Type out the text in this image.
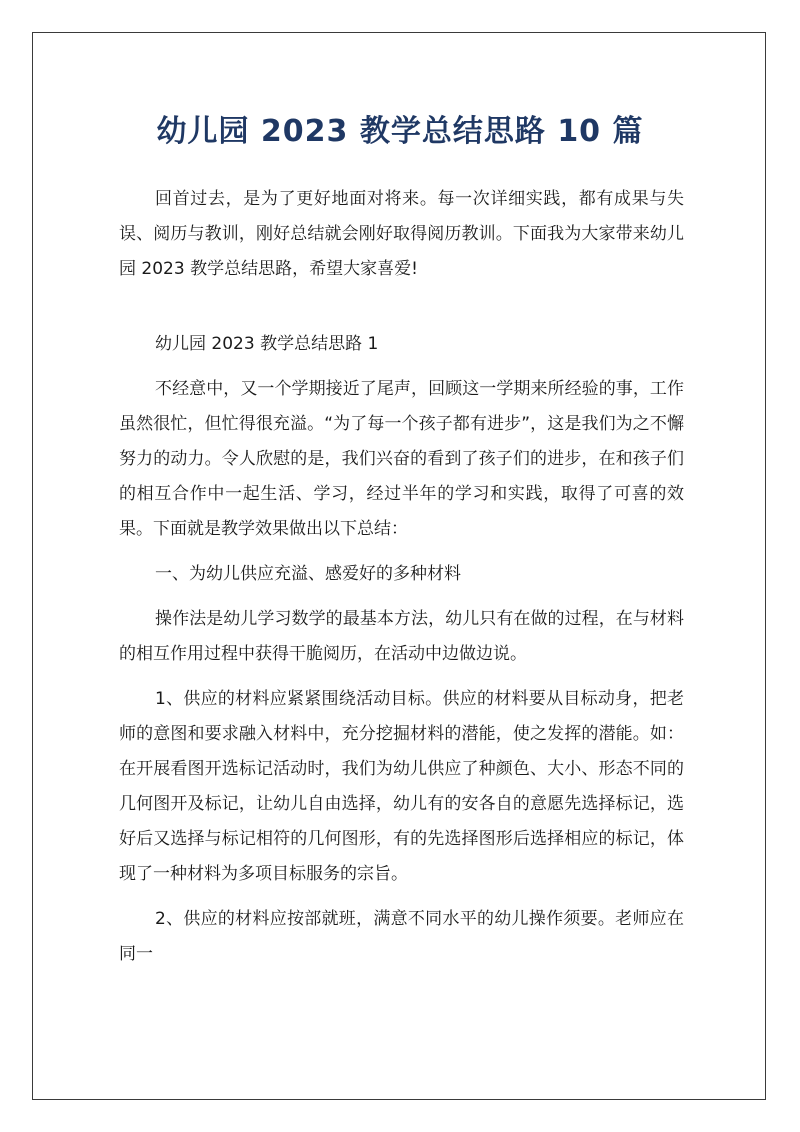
幼儿园 2023 教学总结思路 10 篇

回首过去，是为了更好地面对将来。每一次详细实践，都有成果与失误、阅历与教训，刚好总结就会刚好取得阅历教训。下面我为大家带来幼儿园 2023 教学总结思路，希望大家喜爱!

幼儿园 2023 教学总结思路 1

不经意中，又一个学期接近了尾声，回顾这一学期来所经验的事，工作虽然很忙，但忙得很充溢。“为了每一个孩子都有进步”，这是我们为之不懈努力的动力。令人欣慰的是，我们兴奋的看到了孩子们的进步，在和孩子们的相互合作中一起生活、学习，经过半年的学习和实践，取得了可喜的效果。下面就是教学效果做出以下总结：

一、为幼儿供应充溢、感爱好的多种材料

操作法是幼儿学习数学的最基本方法，幼儿只有在做的过程，在与材料的相互作用过程中获得干脆阅历，在活动中边做边说。

1、供应的材料应紧紧围绕活动目标。供应的材料要从目标动身，把老师的意图和要求融入材料中，充分挖掘材料的潜能，使之发挥的潜能。如：在开展看图开选标记活动时，我们为幼儿供应了种颜色、大小、形态不同的几何图开及标记，让幼儿自由选择，幼儿有的安各自的意愿先选择标记，选好后又选择与标记相符的几何图形，有的先选择图形后选择相应的标记，体现了一种材料为多项目标服务的宗旨。

2、供应的材料应按部就班，满意不同水平的幼儿操作须要。老师应在同一
